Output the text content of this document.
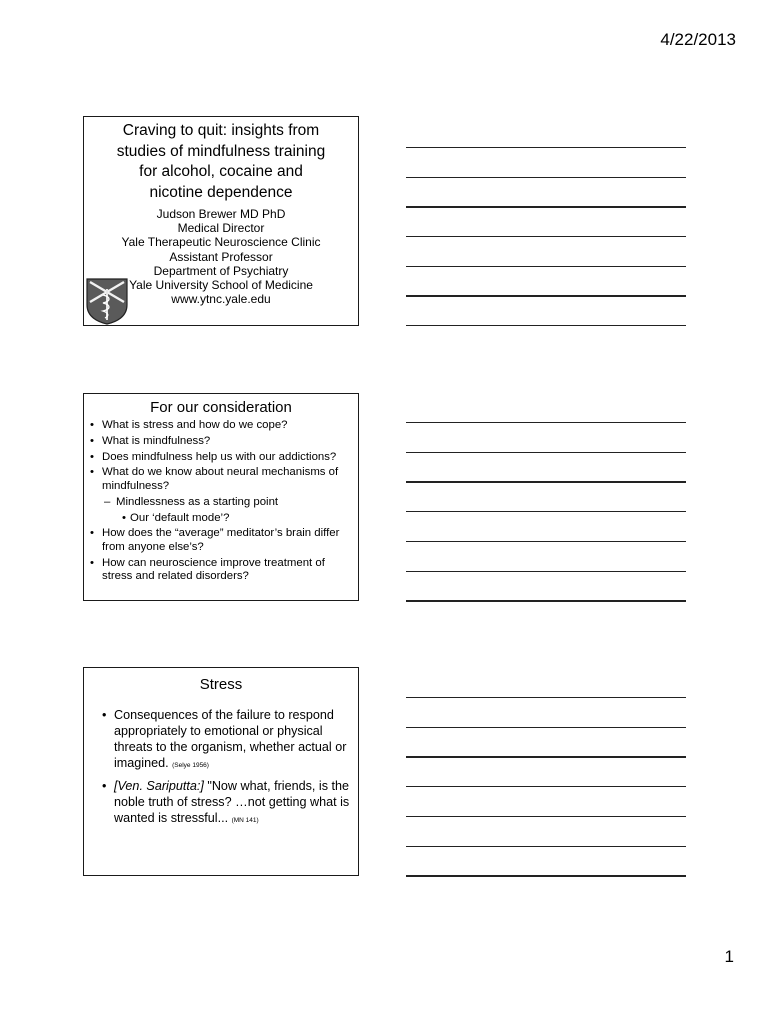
4/22/2013
Craving to quit: insights from
studies of mindfulness training
for alcohol, cocaine and
nicotine dependence
Judson Brewer MD PhD
Medical Director
Yale Therapeutic Neuroscience Clinic
Assistant Professor
Department of Psychiatry
Yale University School of Medicine
www.ytnc.yale.edu
For our consideration
• What is stress and how do we cope?
• What is mindfulness?
• Does mindfulness help us with our addictions?
• What do we know about neural mechanisms of mindfulness?
– Mindlessness as a starting point
• Our ‘default mode’?
• How does the “average” meditator’s brain differ from anyone else’s?
• How can neuroscience improve treatment of stress and related disorders?
Stress
• Consequences of the failure to respond appropriately to emotional or physical threats to the organism, whether actual or imagined. (Selye 1956)
• [Ven. Sariputta:] "Now what, friends, is the noble truth of stress? …not getting what is wanted is stressful... (MN 141)
1
